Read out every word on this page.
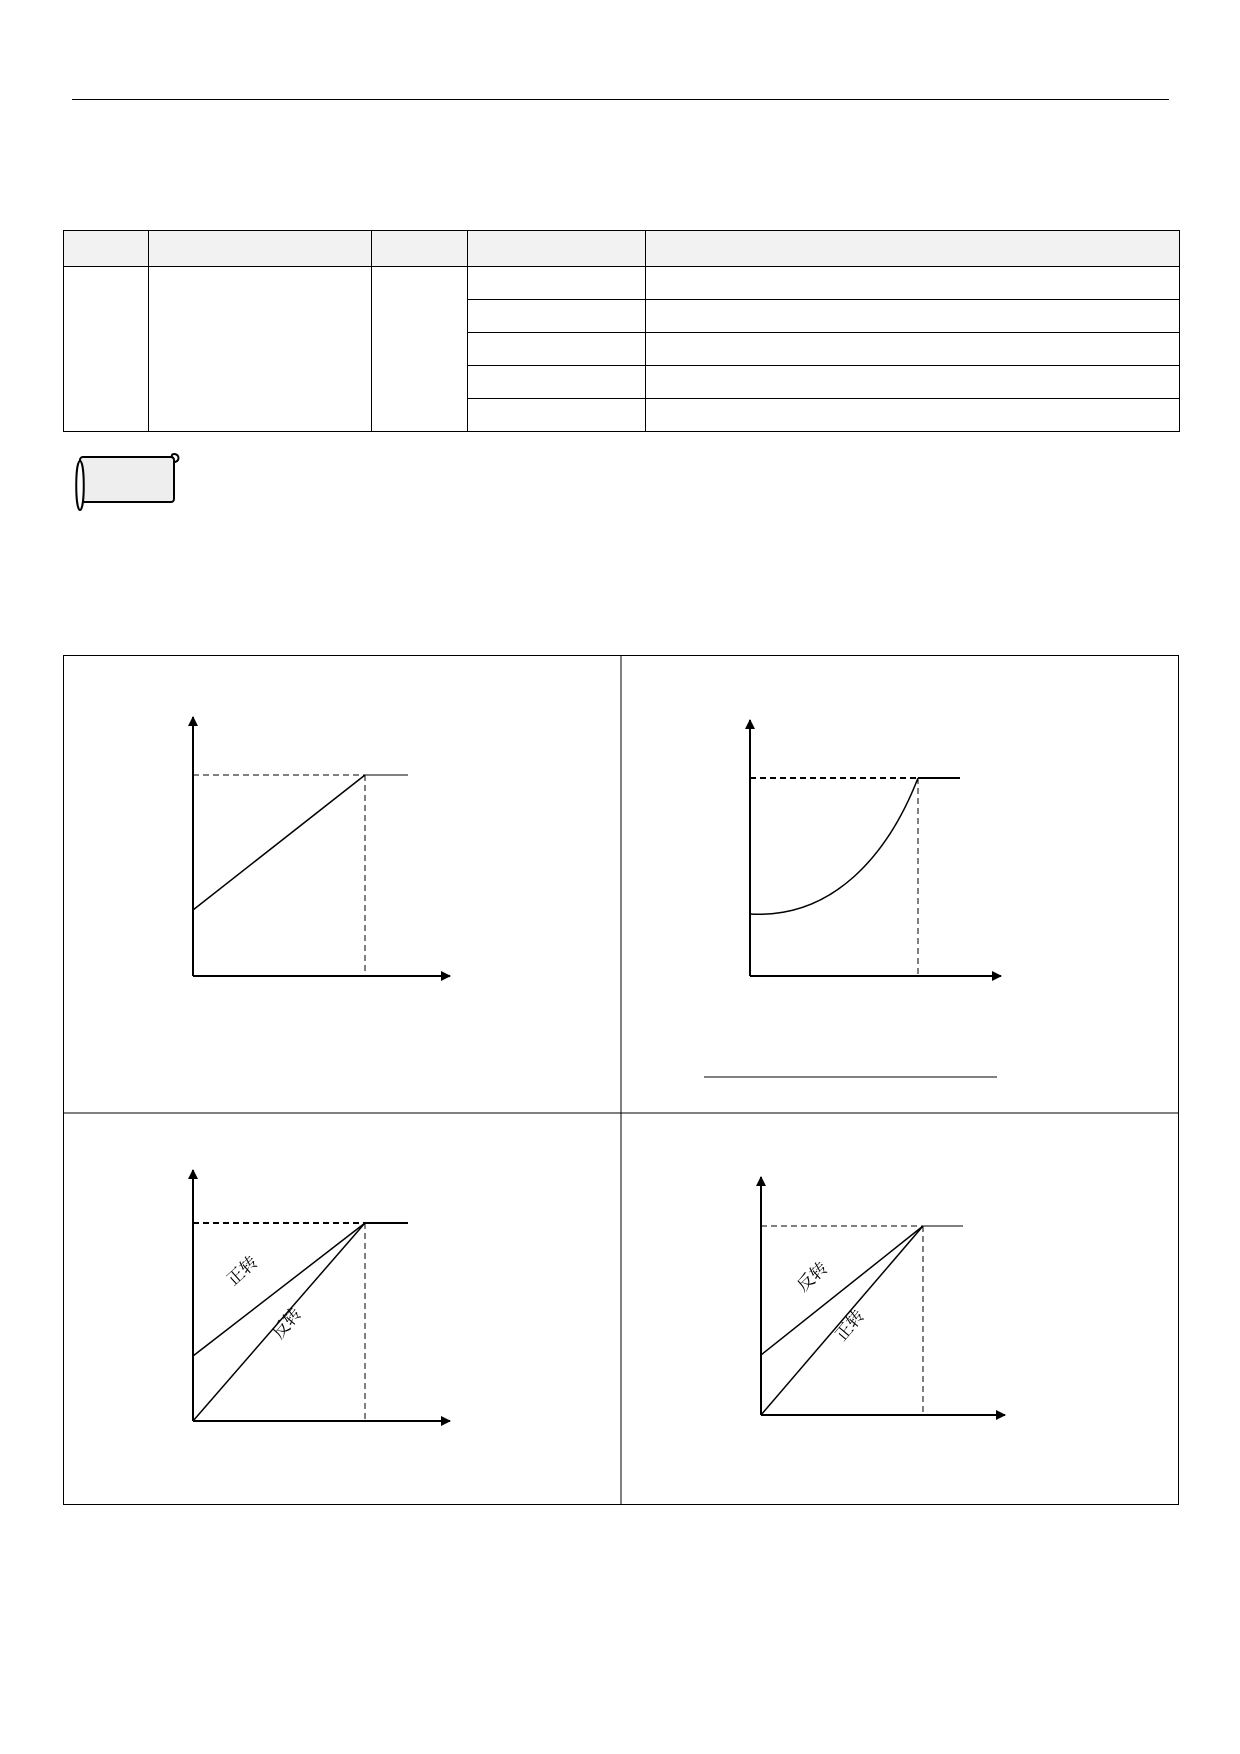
正转
反转
反转
正转
